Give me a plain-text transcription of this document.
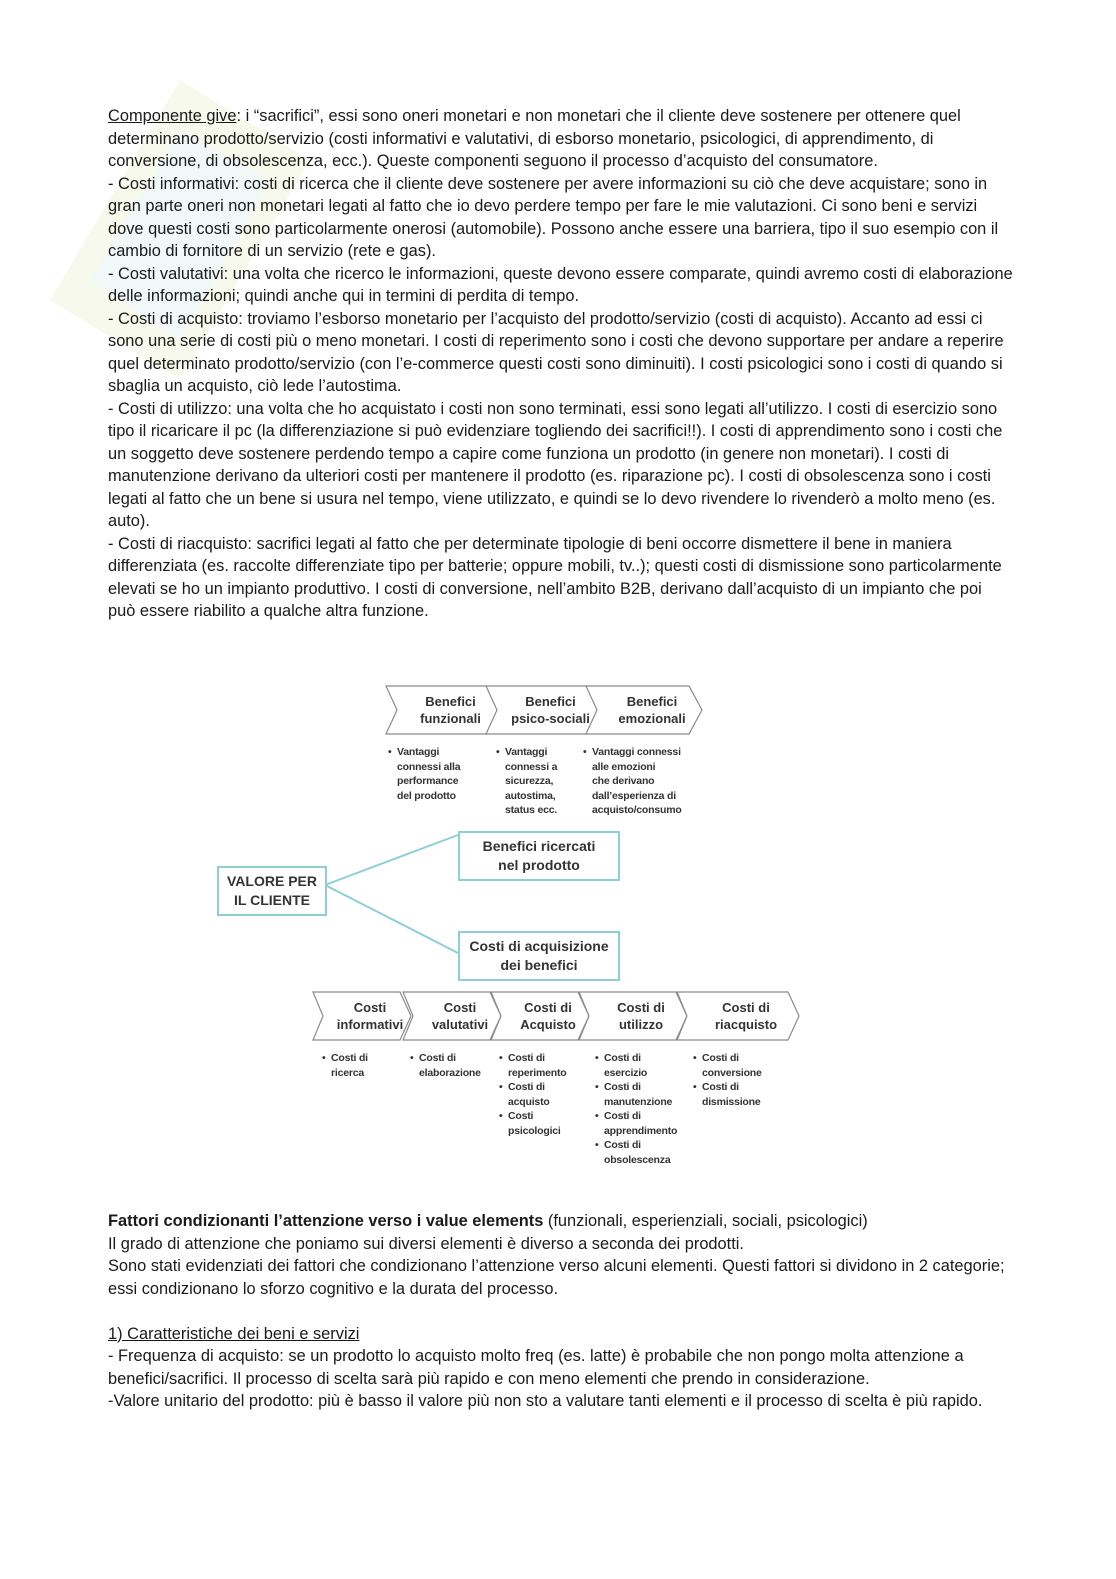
Componente give: i “sacrifici”, essi sono oneri monetari e non monetari che il cliente deve sostenere per ottenere quel determinano prodotto/servizio (costi informativi e valutativi, di esborso monetario, psicologici, di apprendimento, di conversione, di obsolescenza, ecc.). Queste componenti seguono il processo d’acquisto del consumatore.

- Costi informativi: costi di ricerca che il cliente deve sostenere per avere informazioni su ciò che deve acquistare; sono in gran parte oneri non monetari legati al fatto che io devo perdere tempo per fare le mie valutazioni. Ci sono beni e servizi dove questi costi sono particolarmente onerosi (automobile). Possono anche essere una barriera, tipo il suo esempio con il cambio di fornitore di un servizio (rete e gas).

- Costi valutativi: una volta che ricerco le informazioni, queste devono essere comparate, quindi avremo costi di elaborazione delle informazioni; quindi anche qui in termini di perdita di tempo.

- Costi di acquisto: troviamo l’esborso monetario per l’acquisto del prodotto/servizio (costi di acquisto). Accanto ad essi ci sono una serie di costi più o meno monetari. I costi di reperimento sono i costi che devono supportare per andare a reperire quel determinato prodotto/servizio (con l’e-commerce questi costi sono diminuiti). I costi psicologici sono i costi di quando si sbaglia un acquisto, ciò lede l’autostima.

- Costi di utilizzo: una volta che ho acquistato i costi non sono terminati, essi sono legati all’utilizzo. I costi di esercizio sono tipo il ricaricare il pc (la differenziazione si può evidenziare togliendo dei sacrifici!!). I costi di apprendimento sono i costi che un soggetto deve sostenere perdendo tempo a capire come funziona un prodotto (in genere non monetari). I costi di manutenzione derivano da ulteriori costi per mantenere il prodotto (es. riparazione pc). I costi di obsolescenza sono i costi legati al fatto che un bene si usura nel tempo, viene utilizzato, e quindi se lo devo rivendere lo rivenderò a molto meno (es. auto).

- Costi di riacquisto: sacrifici legati al fatto che per determinate tipologie di beni occorre dismettere il bene in maniera differenziata (es. raccolte differenziate tipo per batterie; oppure mobili, tv..); questi costi di dismissione sono particolarmente elevati se ho un impianto produttivo. I costi di conversione, nell’ambito B2B, derivano dall’acquisto di un impianto che poi può essere riabilito a qualche altra funzione.

Benefici
funzionali
Benefici
psico-sociali
Benefici
emozionali
• Vantaggi
connessi alla
performance
del prodotto
• Vantaggi
connessi a
sicurezza,
autostima,
status ecc.
• Vantaggi connessi
alle emozioni
che derivano
dall’esperienza di
acquisto/consumo
Benefici ricercati
nel prodotto
VALORE PER
IL CLIENTE
Costi di acquisizione
dei benefici
Costi
informativi
Costi
valutativi
Costi di
Acquisto
Costi di
utilizzo
Costi di
riacquisto
• Costi di
ricerca
• Costi di
elaborazione
• Costi di
reperimento
• Costi di
acquisto
• Costi
psicologici
• Costi di
esercizio
• Costi di
manutenzione
• Costi di
apprendimento
• Costi di
obsolescenza
• Costi di
conversione
• Costi di
dismissione

Fattori condizionanti l’attenzione verso i value elements (funzionali, esperienziali, sociali, psicologici)

Il grado di attenzione che poniamo sui diversi elementi è diverso a seconda dei prodotti.

Sono stati evidenziati dei fattori che condizionano l’attenzione verso alcuni elementi. Questi fattori si dividono in 2 categorie; essi condizionano lo sforzo cognitivo e la durata del processo.

1) Caratteristiche dei beni e servizi

- Frequenza di acquisto: se un prodotto lo acquisto molto freq (es. latte) è probabile che non pongo molta attenzione a benefici/sacrifici. Il processo di scelta sarà più rapido e con meno elementi che prendo in considerazione.

-Valore unitario del prodotto: più è basso il valore più non sto a valutare tanti elementi e il processo di scelta è più rapido.
